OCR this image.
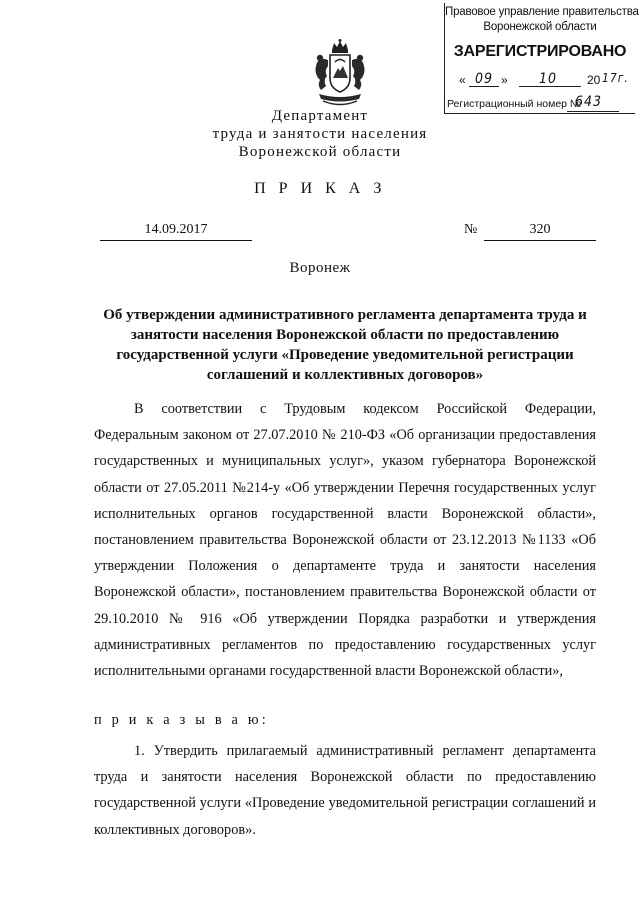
Правовое управление правительства
Воронежской области
ЗАРЕГИСТРИРОВАНО
« 09 » 10 20 17г.
Регистрационный номер №
643
Департамент
труда и занятости населения
Воронежской области
П Р И К А З
14.09.2017	№	320
Воронеж
Об утверждении административного регламента департамента труда и занятости населения Воронежской области по предоставлению государственной услуги «Проведение уведомительной регистрации соглашений и коллективных договоров»

В соответствии с Трудовым кодексом Российской Федерации, Федеральным законом от 27.07.2010 № 210-ФЗ «Об организации предоставления государственных и муниципальных услуг», указом губернатора Воронежской области от 27.05.2011 №214-у «Об утверждении Перечня государственных услуг исполнительных органов государственной власти Воронежской области», постановлением правительства Воронежской области от 23.12.2013 №1133 «Об утверждении Положения о департаменте труда и занятости населения Воронежской области», постановлением правительства Воронежской области от 29.10.2010 № 916 «Об утверждении Порядка разработки и утверждения административных регламентов по предоставлению государственных услуг исполнительными органами государственной власти Воронежской области»,

п р и к а з ы в а ю:
1. Утвердить прилагаемый административный регламент департамента труда и занятости населения Воронежской области по предоставлению государственной услуги «Проведение уведомительной регистрации соглашений и коллективных договоров».
